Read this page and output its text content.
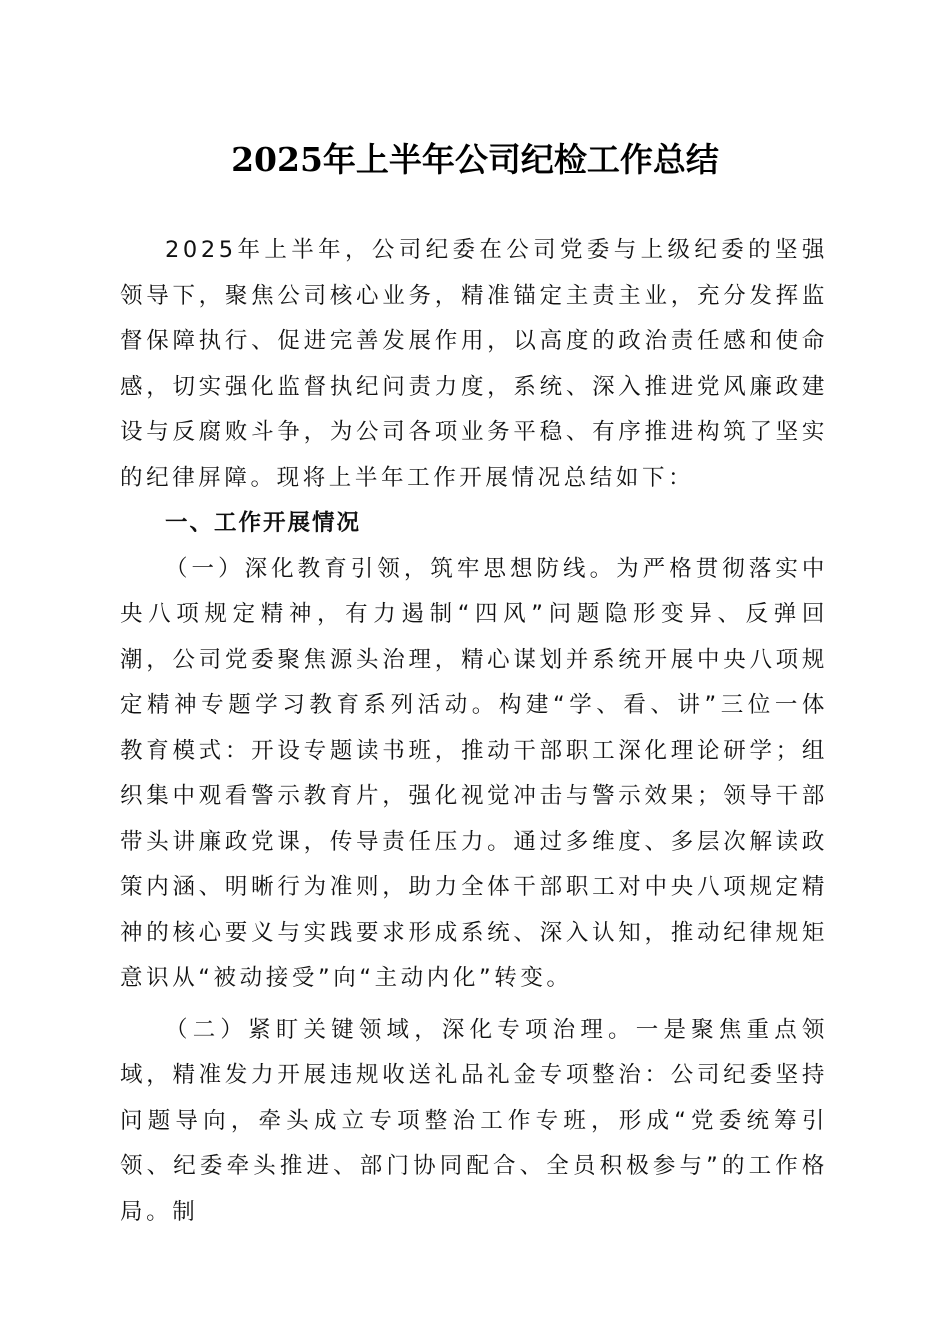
2025年上半年公司纪检工作总结

2025年上半年，公司纪委在公司党委与上级纪委的坚强领导下，聚焦公司核心业务，精准锚定主责主业，充分发挥监督保障执行、促进完善发展作用，以高度的政治责任感和使命感，切实强化监督执纪问责力度，系统、深入推进党风廉政建设与反腐败斗争，为公司各项业务平稳、有序推进构筑了坚实的纪律屏障。现将上半年工作开展情况总结如下：

一、工作开展情况

（一）深化教育引领，筑牢思想防线。为严格贯彻落实中央八项规定精神，有力遏制“四风”问题隐形变异、反弹回潮，公司党委聚焦源头治理，精心谋划并系统开展中央八项规定精神专题学习教育系列活动。构建“学、看、讲”三位一体教育模式：开设专题读书班，推动干部职工深化理论研学；组织集中观看警示教育片，强化视觉冲击与警示效果；领导干部带头讲廉政党课，传导责任压力。通过多维度、多层次解读政策内涵、明晰行为准则，助力全体干部职工对中央八项规定精神的核心要义与实践要求形成系统、深入认知，推动纪律规矩意识从“被动接受”向“主动内化”转变。

（二）紧盯关键领域，深化专项治理。一是聚焦重点领域，精准发力开展违规收送礼品礼金专项整治：公司纪委坚持问题导向，牵头成立专项整治工作专班，形成“党委统筹引领、纪委牵头推进、部门协同配合、全员积极参与”的工作格局。制
